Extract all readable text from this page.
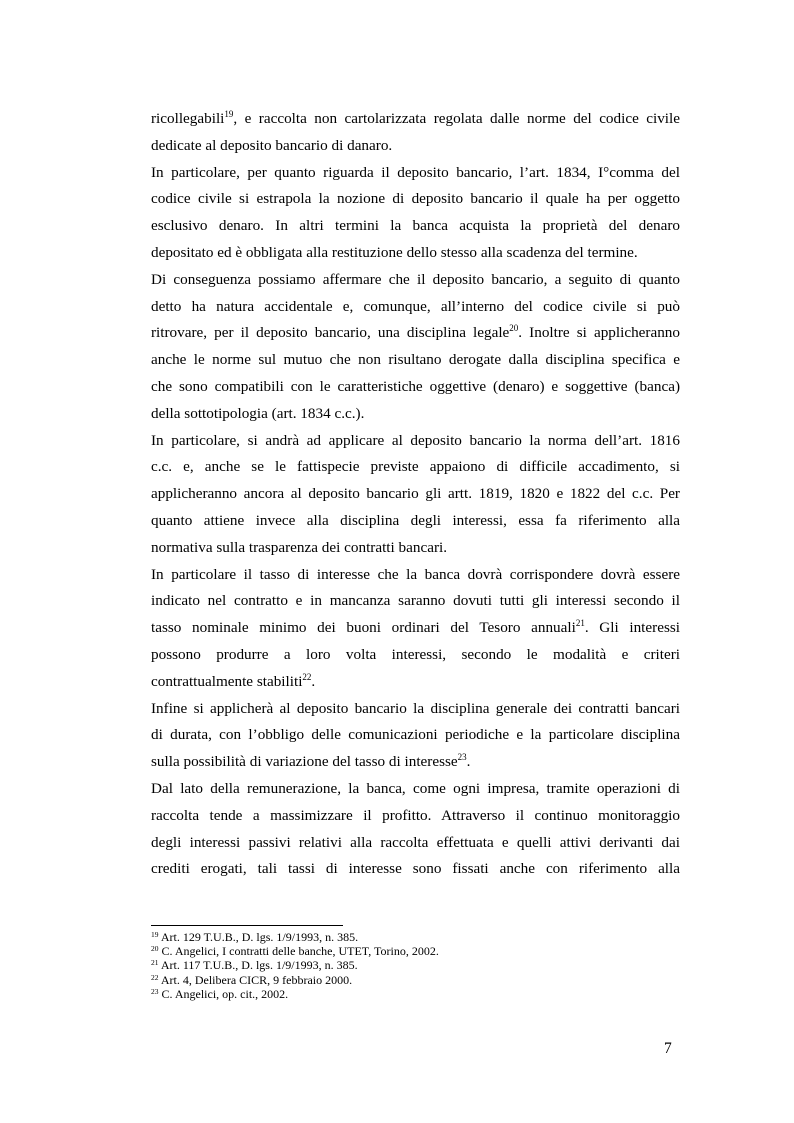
ricollegabili$^{19}$, e raccolta non cartolarizzata regolata dalle norme del codice civile
dedicate al deposito bancario di danaro.
In particolare, per quanto riguarda il deposito bancario, l’art. 1834, I°comma del
codice civile si estrapola la nozione di deposito bancario il quale ha per oggetto
esclusivo denaro. In altri termini la banca acquista la proprietà del denaro
depositato ed è obbligata alla restituzione dello stesso alla scadenza del termine.
Di conseguenza possiamo affermare che il deposito bancario, a seguito di quanto
detto ha natura accidentale e, comunque, all’interno del codice civile si può
ritrovare, per il deposito bancario, una disciplina legale$^{20}$. Inoltre si applicheranno
anche le norme sul mutuo che non risultano derogate dalla disciplina specifica e
che sono compatibili con le caratteristiche oggettive (denaro) e soggettive (banca)
della sottotipologia (art. 1834 c.c.).
In particolare, si andrà ad applicare al deposito bancario la norma dell’art. 1816
c.c. e, anche se le fattispecie previste appaiono di difficile accadimento, si
applicheranno ancora al deposito bancario gli artt. 1819, 1820 e 1822 del c.c. Per
quanto attiene invece alla disciplina degli interessi, essa fa riferimento alla
normativa sulla trasparenza dei contratti bancari.
In particolare il tasso di interesse che la banca dovrà corrispondere dovrà essere
indicato nel contratto e in mancanza saranno dovuti tutti gli interessi secondo il
tasso nominale minimo dei buoni ordinari del Tesoro annuali$^{21}$. Gli interessi
possono produrre a loro volta interessi, secondo le modalità e criteri
contrattualmente stabiliti$^{22}$.
Infine si applicherà al deposito bancario la disciplina generale dei contratti bancari
di durata, con l’obbligo delle comunicazioni periodiche e la particolare disciplina
sulla possibilità di variazione del tasso di interesse$^{23}$.
Dal lato della remunerazione, la banca, come ogni impresa, tramite operazioni di
raccolta tende a massimizzare il profitto. Attraverso il continuo monitoraggio
degli interessi passivi relativi alla raccolta effettuata e quelli attivi derivanti dai
crediti erogati, tali tassi di interesse sono fissati anche con riferimento alla
$^{19}$ Art. 129 T.U.B., D. lgs. 1/9/1993, n. 385.
$^{20}$ C. Angelici, I contratti delle banche, UTET, Torino, 2002.
$^{21}$ Art. 117 T.U.B., D. lgs. 1/9/1993, n. 385.
$^{22}$ Art. 4, Delibera CICR, 9 febbraio 2000.
$^{23}$ C. Angelici, op. cit., 2002.
7
